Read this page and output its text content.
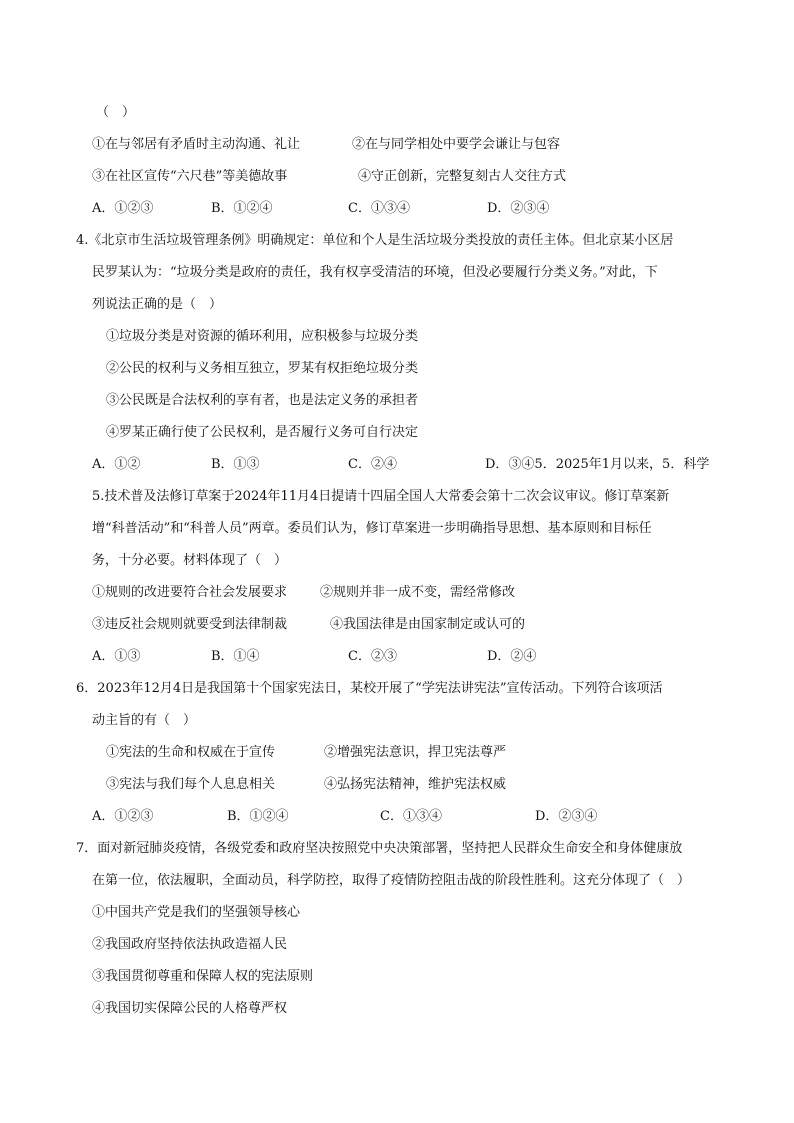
（　）
①在与邻居有矛盾时主动沟通、礼让	②在与同学相处中要学会谦让与包容
③在社区宣传“六尺巷”等美德故事	④守正创新，完整复刻古人交往方式
A．①②③	B．①②④	C．①③④	D．②③④
4.《北京市生活垃圾管理条例》明确规定：单位和个人是生活垃圾分类投放的责任主体。但北京某小区居
民罗某认为：“垃圾分类是政府的责任，我有权享受清洁的环境，但没必要履行分类义务。”对此，下
列说法正确的是（　）
①垃圾分类是对资源的循环利用，应积极参与垃圾分类
②公民的权利与义务相互独立，罗某有权拒绝垃圾分类
③公民既是合法权利的享有者，也是法定义务的承担者
④罗某正确行使了公民权利，是否履行义务可自行决定
A．①②	B．①③	C．②④	D．③④5．2025年1月以来，5．科学
5.技术普及法修订草案于2024年11月4日提请十四届全国人大常委会第十二次会议审议。修订草案新
增“科普活动”和“科普人员”两章。委员们认为，修订草案进一步明确指导思想、基本原则和目标任
务，十分必要。材料体现了（　）
①规则的改进要符合社会发展要求	②规则并非一成不变，需经常修改
③违反社会规则就要受到法律制裁	④我国法律是由国家制定或认可的
A．①③	B．①④	C．②③	D．②④
6．2023年12月4日是我国第十个国家宪法日，某校开展了“学宪法讲宪法”宣传活动。下列符合该项活
动主旨的有（　）
①宪法的生命和权威在于宣传	②增强宪法意识，捍卫宪法尊严
③宪法与我们每个人息息相关	④弘扬宪法精神，维护宪法权威
A．①②③	B．①②④	C．①③④	D．②③④
7．面对新冠肺炎疫情，各级党委和政府坚决按照党中央决策部署，坚持把人民群众生命安全和身体健康放
在第一位，依法履职，全面动员，科学防控，取得了疫情防控阻击战的阶段性胜利。这充分体现了（　）
①中国共产党是我们的坚强领导核心
②我国政府坚持依法执政造福人民
③我国贯彻尊重和保障人权的宪法原则
④我国切实保障公民的人格尊严权
